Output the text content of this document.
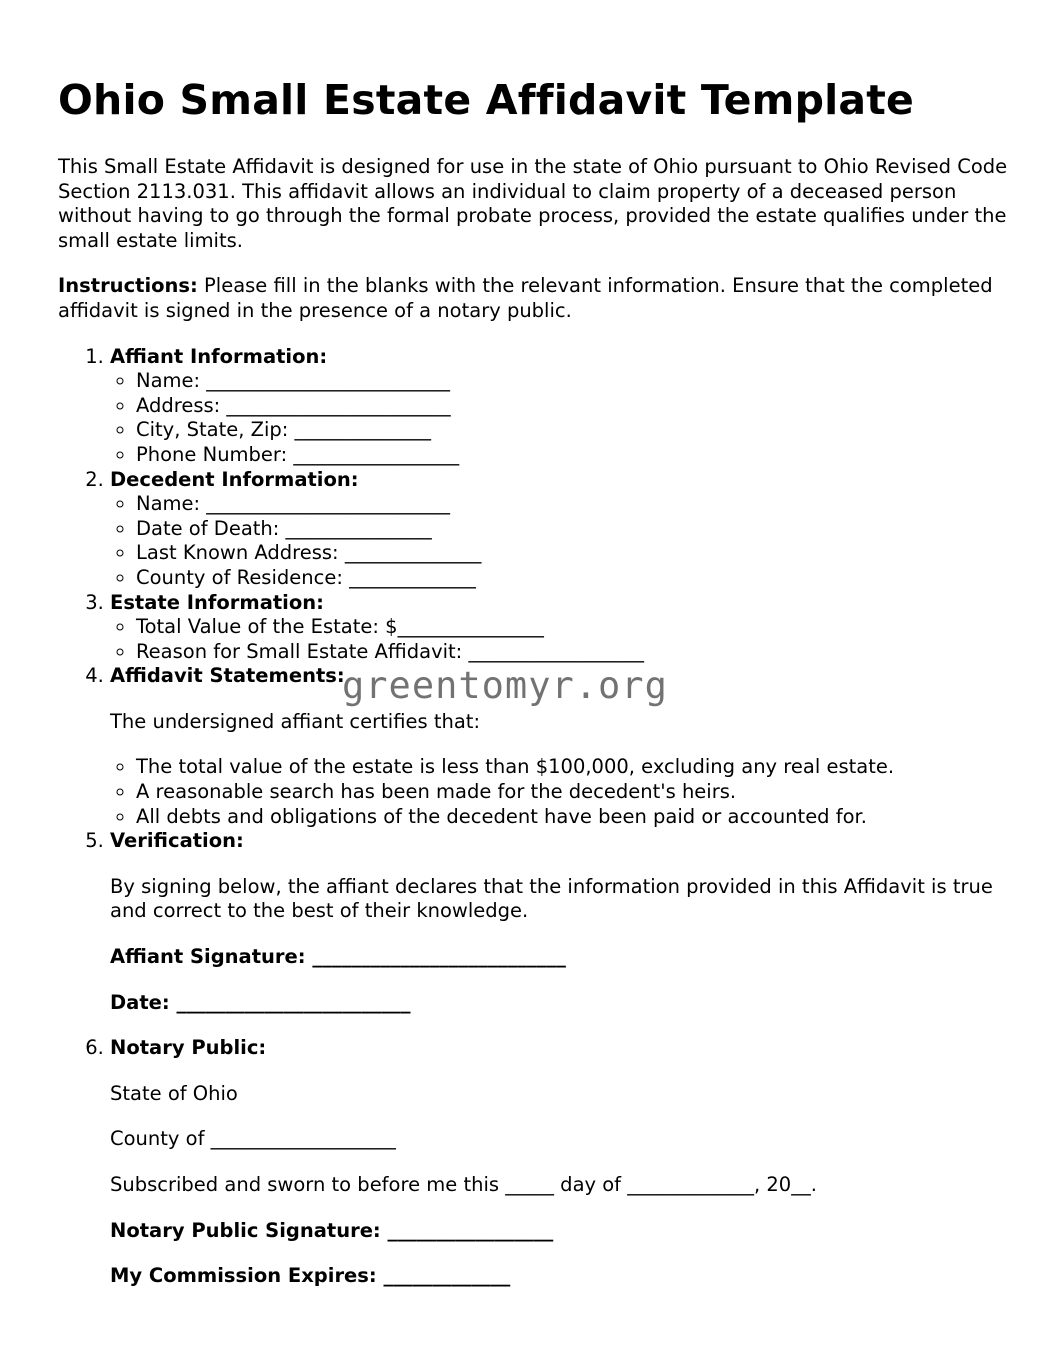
Ohio Small Estate Affidavit Template

This Small Estate Affidavit is designed for use in the state of Ohio pursuant to Ohio Revised Code Section 2113.031. This affidavit allows an individual to claim property of a deceased person without having to go through the formal probate process, provided the estate qualifies under the small estate limits.

Instructions: Please fill in the blanks with the relevant information. Ensure that the completed affidavit is signed in the presence of a notary public.

1. Affiant Information:
◦ Name: _________________________
◦ Address: _______________________
◦ City, State, Zip: ______________
◦ Phone Number: _________________
2. Decedent Information:
◦ Name: _________________________
◦ Date of Death: _______________
◦ Last Known Address: ______________
◦ County of Residence: _____________
3. Estate Information:
◦ Total Value of the Estate: $_______________
◦ Reason for Small Estate Affidavit: __________________
4. Affidavit Statements:

The undersigned affiant certifies that:

◦ The total value of the estate is less than $100,000, excluding any real estate.
◦ A reasonable search has been made for the decedent's heirs.
◦ All debts and obligations of the decedent have been paid or accounted for.
5. Verification:

By signing below, the affiant declares that the information provided in this Affidavit is true and correct to the best of their knowledge.

Affiant Signature: __________________________

Date: ________________________

6. Notary Public:

State of Ohio

County of ___________________

Subscribed and sworn to before me this _____ day of _____________, 20__.

Notary Public Signature: _________________

My Commission Expires: _____________

greentomyr.org
